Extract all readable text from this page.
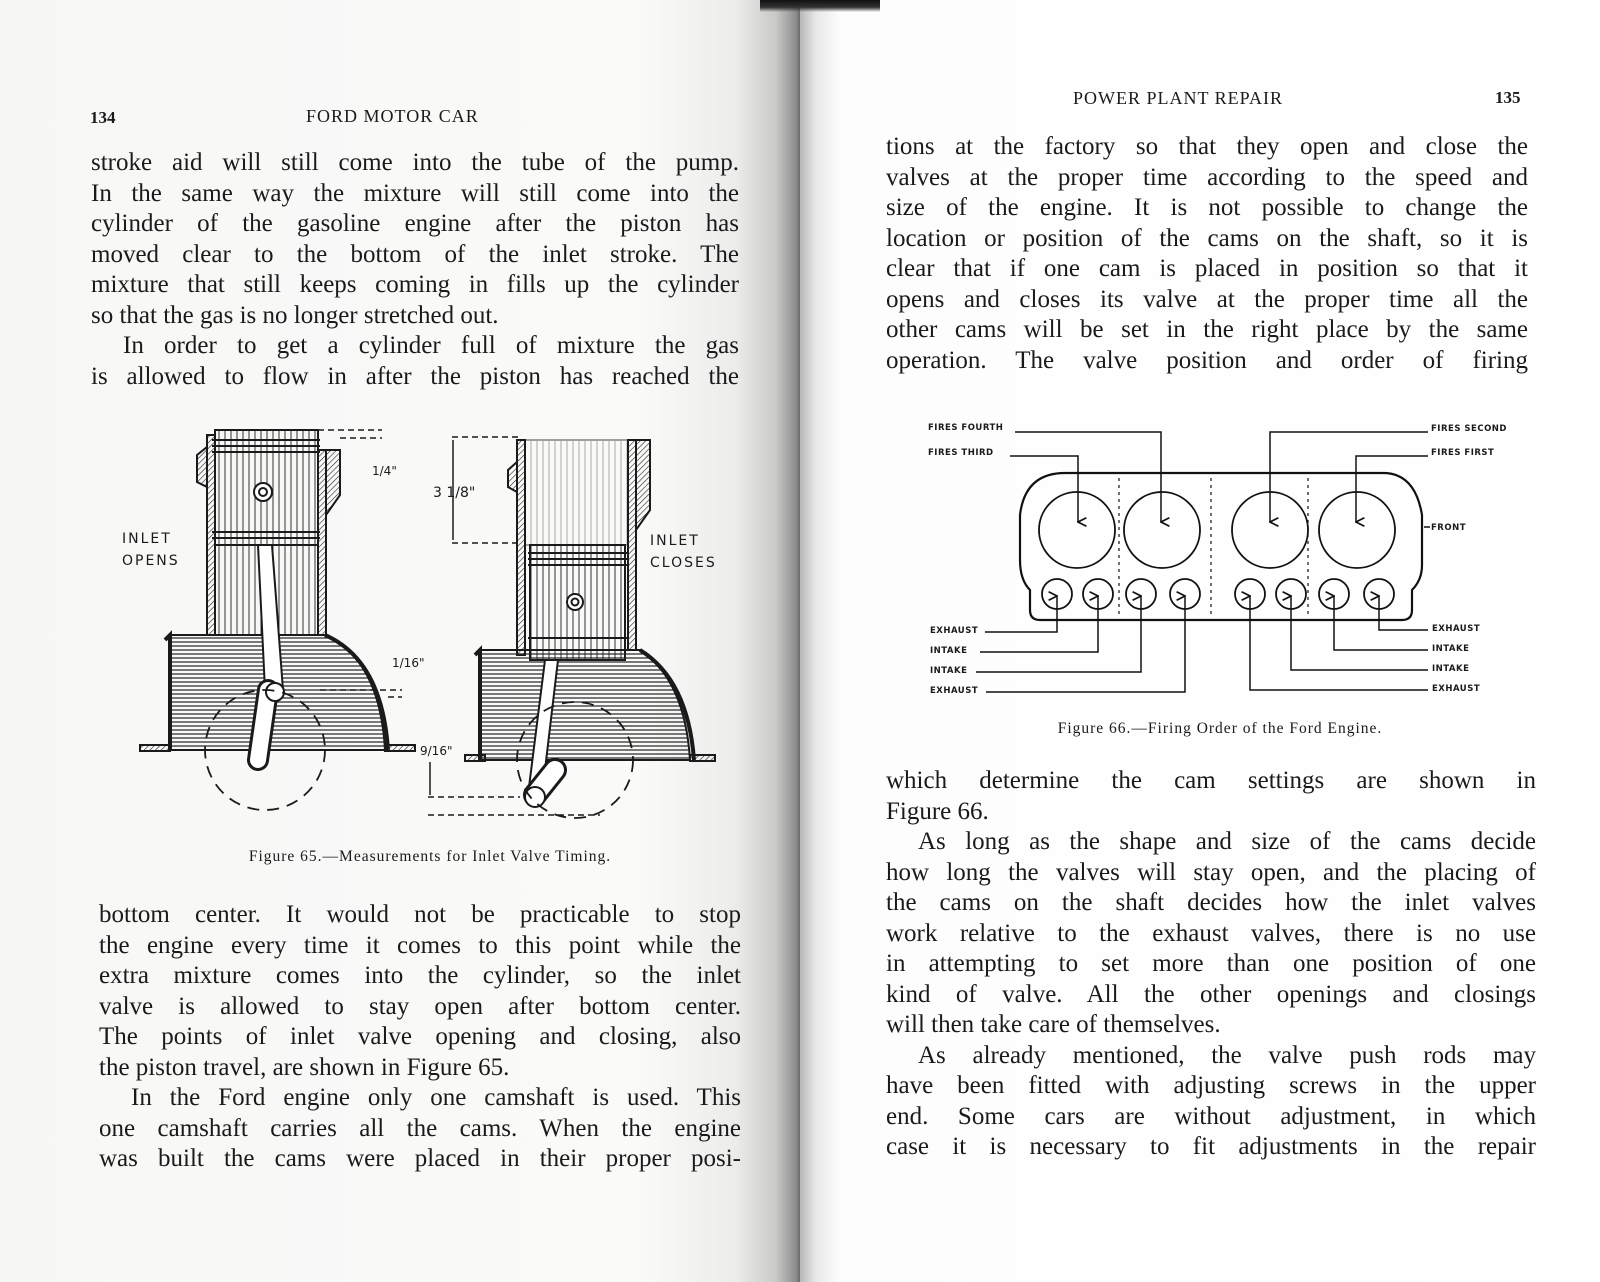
134	FORD MOTOR CAR
stroke aid will still come into the tube of the pump.
In the same way the mixture will still come into the
cylinder of the gasoline engine after the piston has
moved clear to the bottom of the inlet stroke. The
mixture that still keeps coming in fills up the cylinder
so that the gas is no longer stretched out.
In order to get a cylinder full of mixture the gas
is allowed to flow in after the piston has reached the
INLET
OPENS
INLET
CLOSES
1/4"
3 1/8"
1/16"
9/16"
Figure 65.—Measurements for Inlet Valve Timing.
bottom center. It would not be practicable to stop
the engine every time it comes to this point while the
extra mixture comes into the cylinder, so the inlet
valve is allowed to stay open after bottom center.
The points of inlet valve opening and closing, also
the piston travel, are shown in Figure 65.
In the Ford engine only one camshaft is used. This
one camshaft carries all the cams. When the engine
was built the cams were placed in their proper posi-
POWER PLANT REPAIR	135
tions at the factory so that they open and close the
valves at the proper time according to the speed and
size of the engine. It is not possible to change the
location or position of the cams on the shaft, so it is
clear that if one cam is placed in position so that it
opens and closes its valve at the proper time all the
other cams will be set in the right place by the same
operation. The valve position and order of firing
FIRES FOURTH
FIRES THIRD
FIRES SECOND
FIRES FIRST
FRONT
EXHAUST
INTAKE
INTAKE
EXHAUST
EXHAUST
INTAKE
INTAKE
EXHAUST
Figure 66.—Firing Order of the Ford Engine.
which determine the cam settings are shown in
Figure 66.
As long as the shape and size of the cams decide
how long the valves will stay open, and the placing of
the cams on the shaft decides how the inlet valves
work relative to the exhaust valves, there is no use
in attempting to set more than one position of one
kind of valve. All the other openings and closings
will then take care of themselves.
As already mentioned, the valve push rods may
have been fitted with adjusting screws in the upper
end. Some cars are without adjustment, in which
case it is necessary to fit adjustments in the repair
